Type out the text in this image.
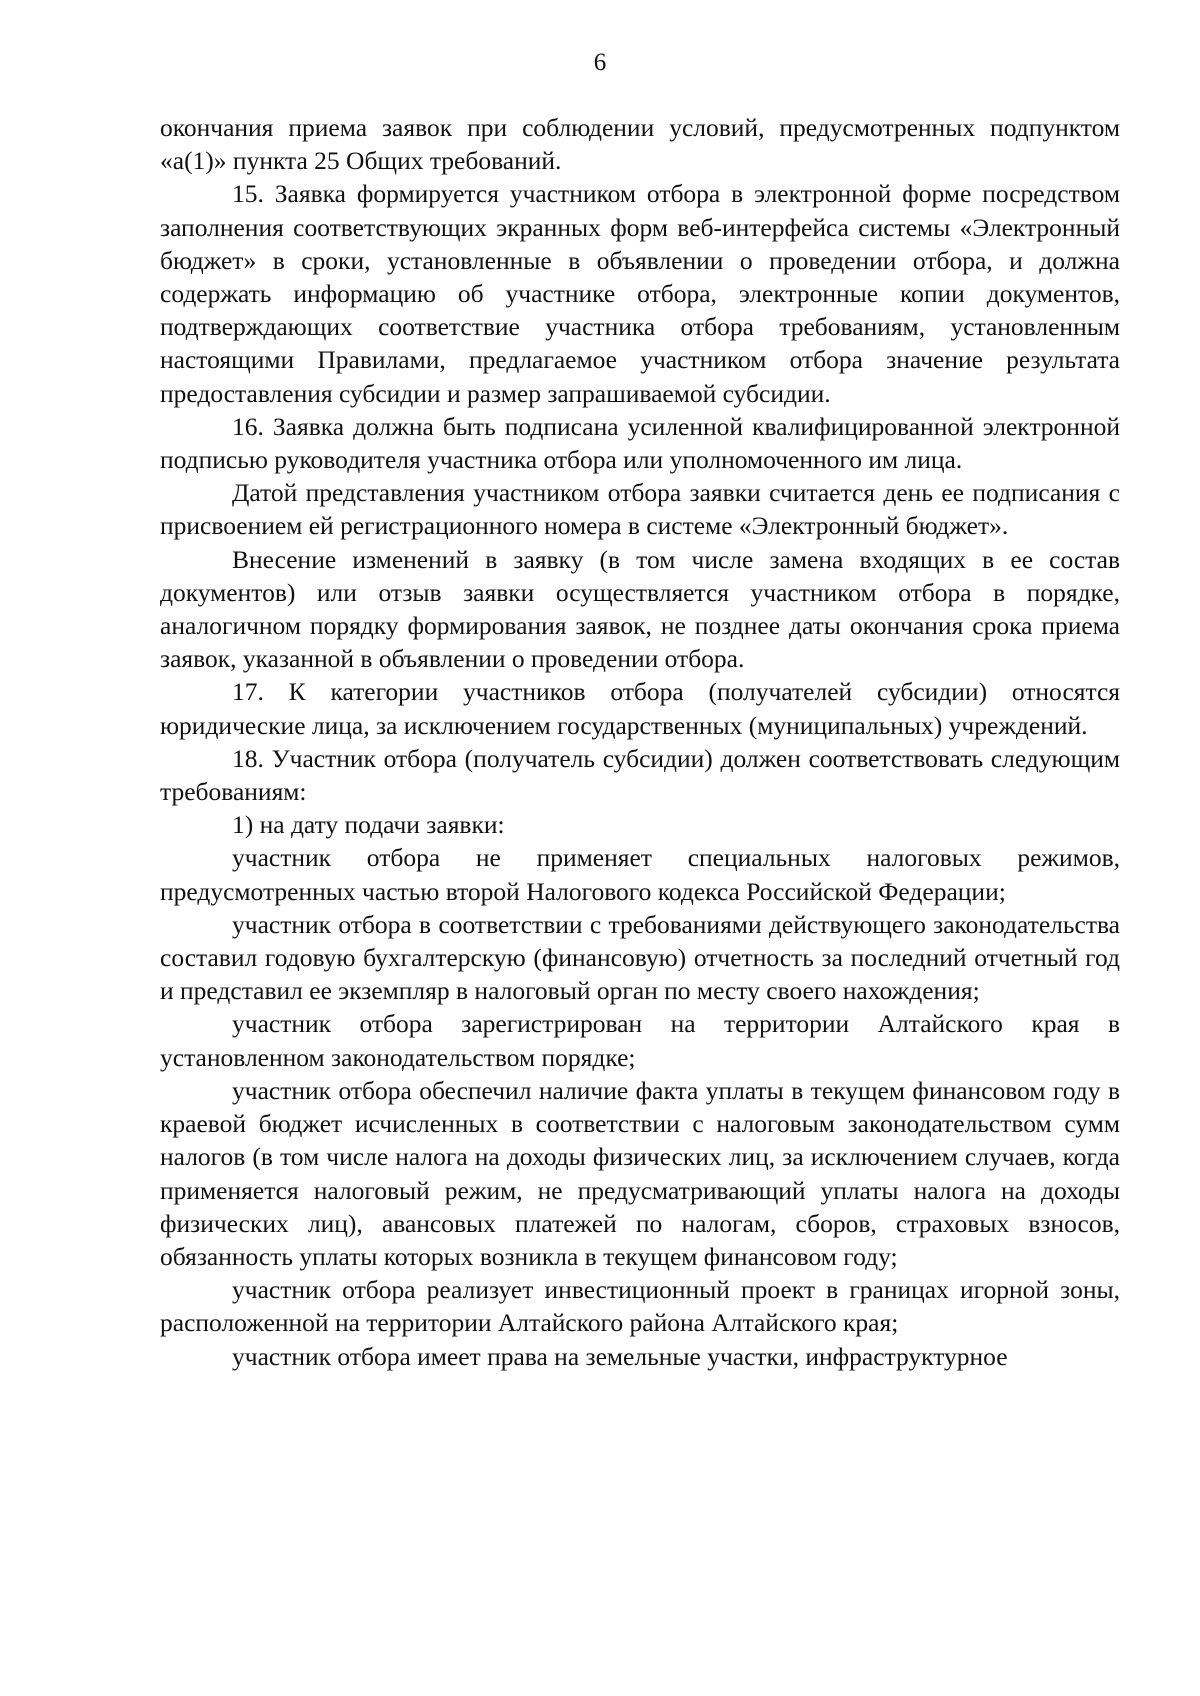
6

окончания приема заявок при соблюдении условий, предусмотренных подпунктом «а(1)» пункта 25 Общих требований.

15. Заявка формируется участником отбора в электронной форме посредством заполнения соответствующих экранных форм веб-интерфейса системы «Электронный бюджет» в сроки, установленные в объявлении о проведении отбора, и должна содержать информацию об участнике отбора, электронные копии документов, подтверждающих соответствие участника отбора требованиям, установленным настоящими Правилами, предлагаемое участником отбора значение результата предоставления субсидии и размер запрашиваемой субсидии.

16. Заявка должна быть подписана усиленной квалифицированной электронной подписью руководителя участника отбора или уполномоченного им лица.

Датой представления участником отбора заявки считается день ее подписания с присвоением ей регистрационного номера в системе «Электронный бюджет».

Внесение изменений в заявку (в том числе замена входящих в ее состав документов) или отзыв заявки осуществляется участником отбора в порядке, аналогичном порядку формирования заявок, не позднее даты окончания срока приема заявок, указанной в объявлении о проведении отбора.

17. К категории участников отбора (получателей субсидии) относятся юридические лица, за исключением государственных (муниципальных) учреждений.

18. Участник отбора (получатель субсидии) должен соответствовать следующим требованиям:

1) на дату подачи заявки:

участник отбора не применяет специальных налоговых режимов, предусмотренных частью второй Налогового кодекса Российской Федерации;

участник отбора в соответствии с требованиями действующего законодательства составил годовую бухгалтерскую (финансовую) отчетность за последний отчетный год и представил ее экземпляр в налоговый орган по месту своего нахождения;

участник отбора зарегистрирован на территории Алтайского края в установленном законодательством порядке;

участник отбора обеспечил наличие факта уплаты в текущем финансовом году в краевой бюджет исчисленных в соответствии с налоговым законодательством сумм налогов (в том числе налога на доходы физических лиц, за исключением случаев, когда применяется налоговый режим, не предусматривающий уплаты налога на доходы физических лиц), авансовых платежей по налогам, сборов, страховых взносов, обязанность уплаты которых возникла в текущем финансовом году;

участник отбора реализует инвестиционный проект в границах игорной зоны, расположенной на территории Алтайского района Алтайского края;

участник отбора имеет права на земельные участки, инфраструктурное
